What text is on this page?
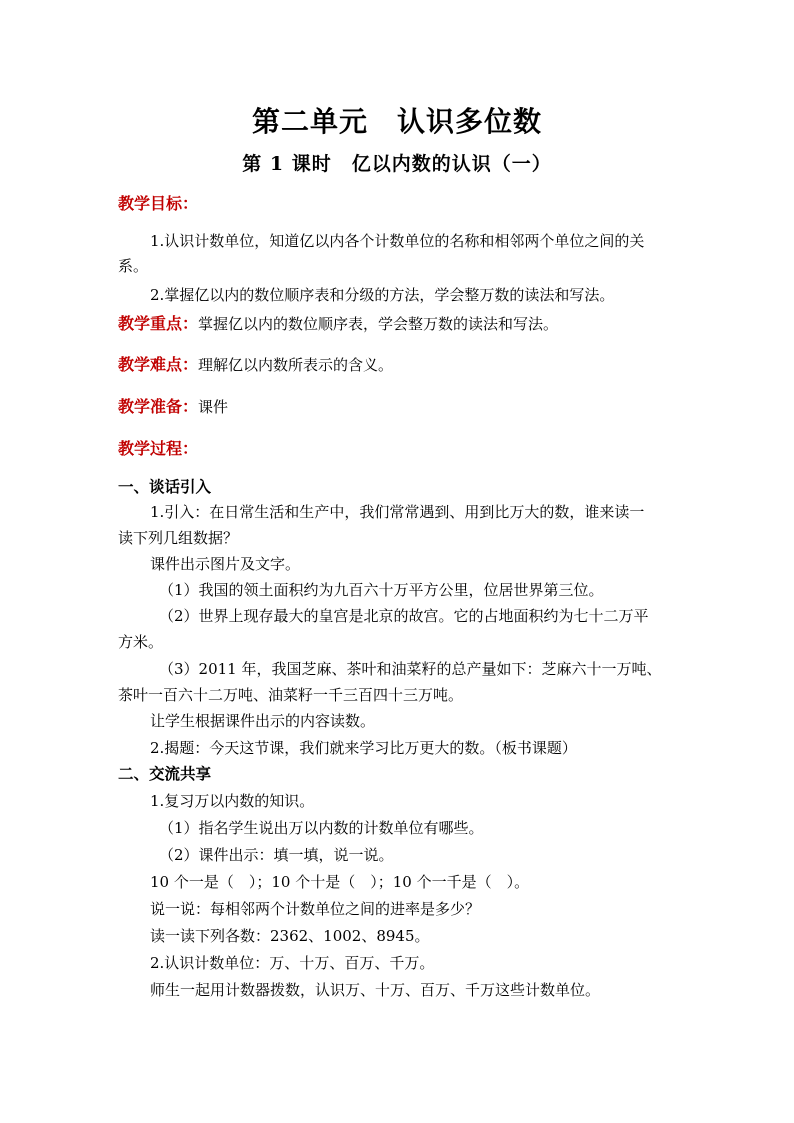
第二单元　认识多位数
第 1 课时　亿以内数的认识（一）
教学目标：
1.认识计数单位，知道亿以内各个计数单位的名称和相邻两个单位之间的关
系。
2.掌握亿以内的数位顺序表和分级的方法，学会整万数的读法和写法。
教学重点：掌握亿以内的数位顺序表，学会整万数的读法和写法。
教学难点：理解亿以内数所表示的含义。
教学准备：课件
教学过程：
一、谈话引入
1.引入：在日常生活和生产中，我们常常遇到、用到比万大的数，谁来读一
读下列几组数据？
课件出示图片及文字。
（1）我国的领土面积约为九百六十万平方公里，位居世界第三位。
（2）世界上现存最大的皇宫是北京的故宫。它的占地面积约为七十二万平
方米。
（3）2011 年，我国芝麻、茶叶和油菜籽的总产量如下：芝麻六十一万吨、
茶叶一百六十二万吨、油菜籽一千三百四十三万吨。
让学生根据课件出示的内容读数。
2.揭题：今天这节课，我们就来学习比万更大的数。（板书课题）
二、交流共享
1.复习万以内数的知识。
（1）指名学生说出万以内数的计数单位有哪些。
（2）课件出示：填一填，说一说。
10 个一是（　）；10 个十是（　）；10 个一千是（　）。
说一说：每相邻两个计数单位之间的进率是多少？
读一读下列各数：2362、1002、8945。
2.认识计数单位：万、十万、百万、千万。
师生一起用计数器拨数，认识万、十万、百万、千万这些计数单位。
